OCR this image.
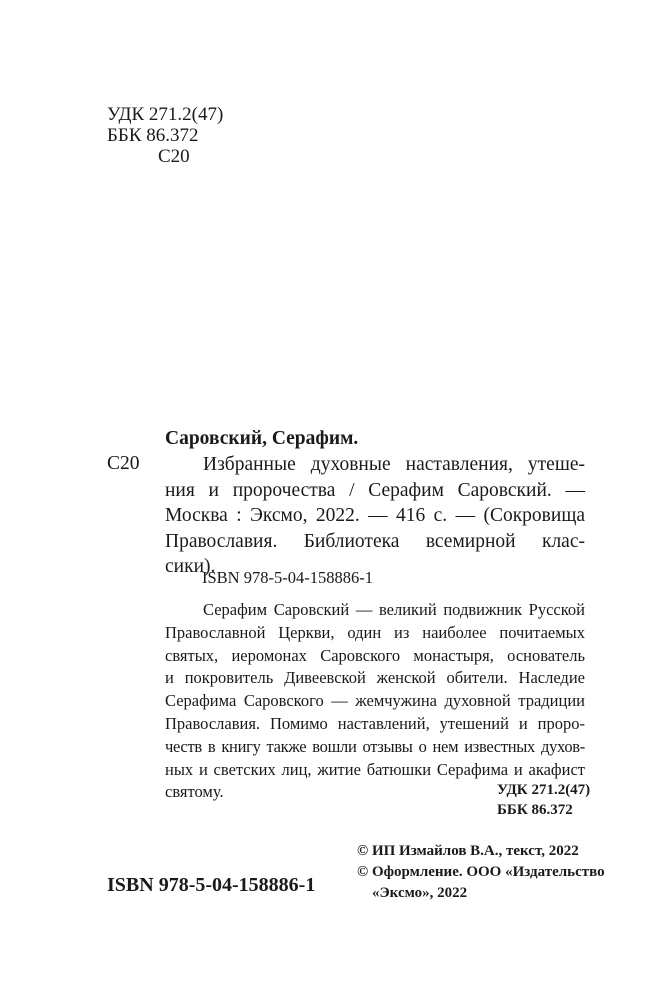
УДК 271.2(47)
ББК 86.372
С20
Саровский, Серафим.
С20	Избранные духовные наставления, утеше-
ния и пророчества / Серафим Саровский. —
Москва : Эксмо, 2022. — 416 с. — (Сокровища
Православия. Библиотека всемирной клас-
сики).
ISBN 978-5-04-158886-1
Серафим Саровский — великий подвижник Русской
Православной Церкви, один из наиболее почитаемых
святых, иеромонах Саровского монастыря, основатель
и покровитель Дивеевской женской обители. Наследие
Серафима Саровского — жемчужина духовной традиции
Православия. Помимо наставлений, утешений и проро-
честв в книгу также вошли отзывы о нем известных духов-
ных и светских лиц, житие батюшки Серафима и акафист
святому.	УДК 271.2(47)
ББК 86.372
© ИП Измайлов В.А., текст, 2022
© Оформление. ООО «Издательство
«Эксмо», 2022
ISBN 978-5-04-158886-1
